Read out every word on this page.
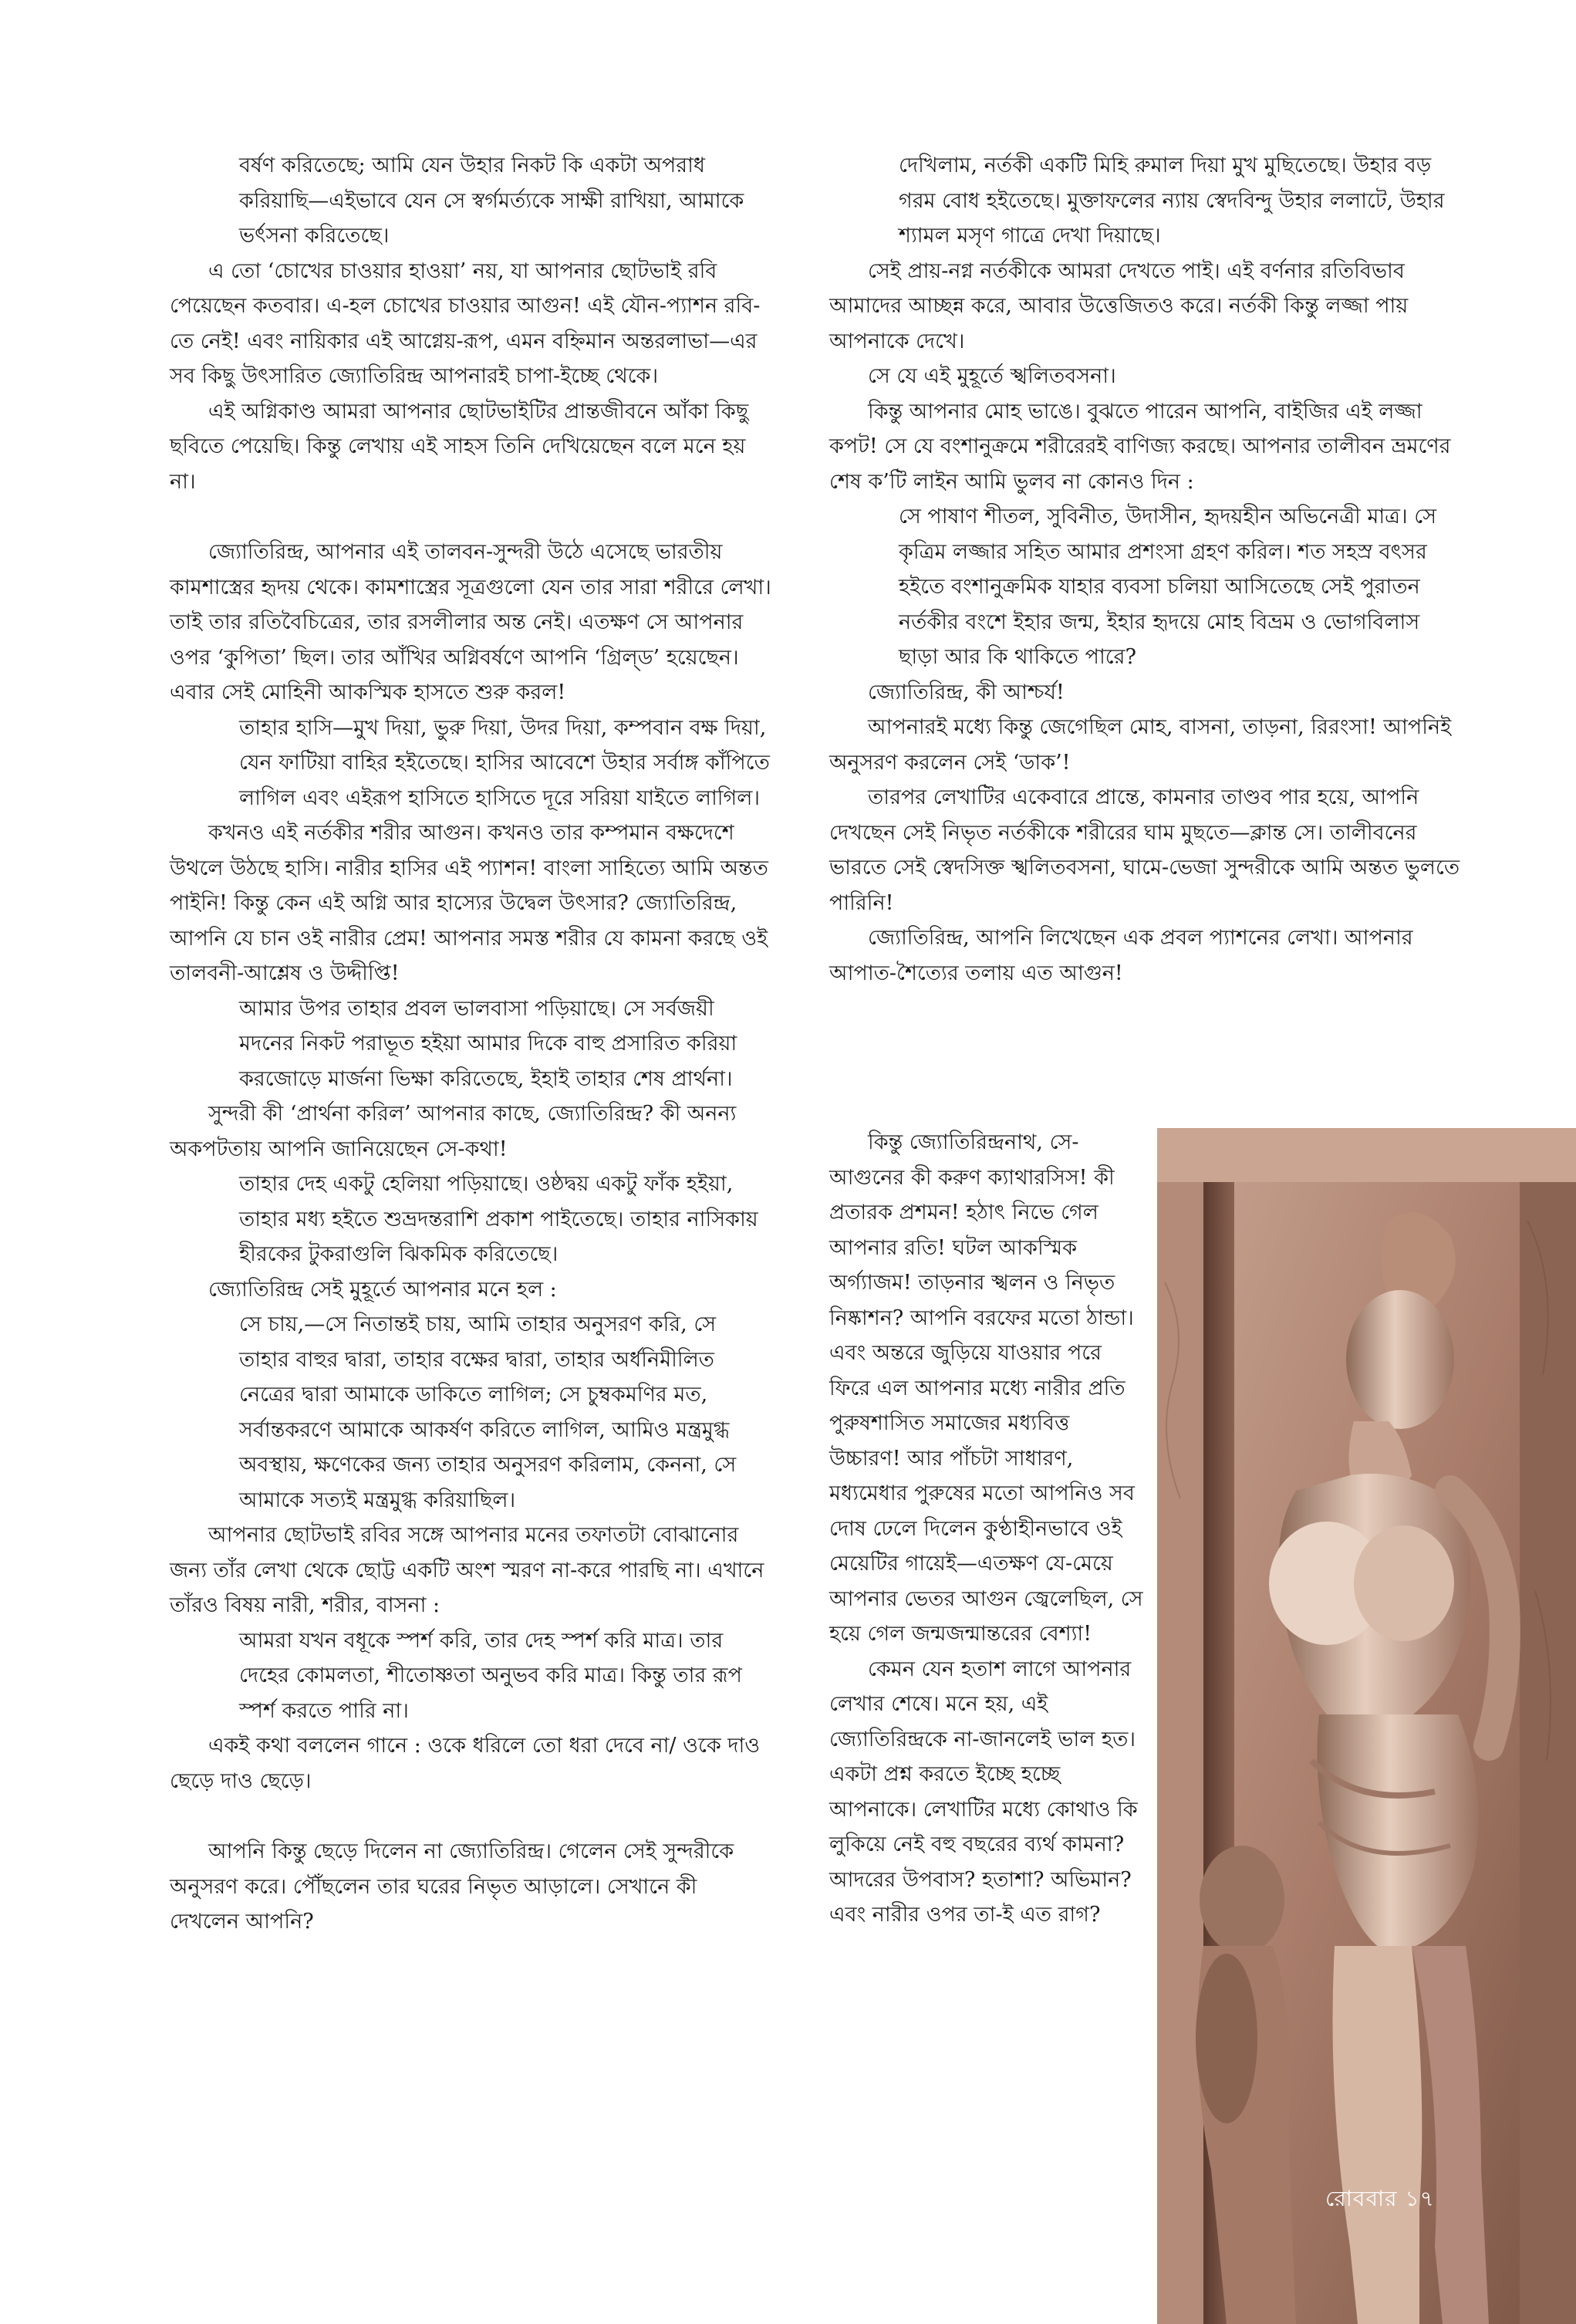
বর্ষণ করিতেছে; আমি যেন উহার নিকট কি একটা অপরাধ করিয়াছি—এইভাবে যেন সে স্বর্গমর্ত্যকে সাক্ষী রাখিয়া, আমাকে ভর্ৎসনা করিতেছে।

এ তো ‘চোখের চাওয়ার হাওয়া’ নয়, যা আপনার ছোটভাই রবি পেয়েছেন কতবার। এ-হল চোখের চাওয়ার আগুন! এই যৌন-প্যাশন রবি-তে নেই! এবং নায়িকার এই আগ্নেয়-রূপ, এমন বহ্নিমান অন্তরলাভা—এর সব কিছু উৎসারিত জ্যোতিরিন্দ্র আপনারই চাপা-ইচ্ছে থেকে।

এই অগ্নিকাণ্ড আমরা আপনার ছোটভাইটির প্রান্তজীবনে আঁকা কিছু ছবিতে পেয়েছি। কিন্তু লেখায় এই সাহস তিনি দেখিয়েছেন বলে মনে হয় না।

জ্যোতিরিন্দ্র, আপনার এই তালবন-সুন্দরী উঠে এসেছে ভারতীয় কামশাস্ত্রের হৃদয় থেকে। কামশাস্ত্রের সূত্রগুলো যেন তার সারা শরীরে লেখা। তাই তার রতিবৈচিত্রের, তার রসলীলার অন্ত নেই। এতক্ষণ সে আপনার ওপর ‘কুপিতা’ ছিল। তার আঁখির অগ্নিবর্ষণে আপনি ‘গ্রিল্‌ড’ হয়েছেন। এবার সেই মোহিনী আকস্মিক হাসতে শুরু করল!

তাহার হাসি—মুখ দিয়া, ভুরু দিয়া, উদর দিয়া, কম্পবান বক্ষ দিয়া, যেন ফাটিয়া বাহির হইতেছে। হাসির আবেশে উহার সর্বাঙ্গ কাঁপিতে লাগিল এবং এইরূপ হাসিতে হাসিতে দূরে সরিয়া যাইতে লাগিল।

কখনও এই নর্তকীর শরীর আগুন। কখনও তার কম্পমান বক্ষদেশে উথলে উঠছে হাসি। নারীর হাসির এই প্যাশন! বাংলা সাহিত্যে আমি অন্তত পাইনি! কিন্তু কেন এই অগ্নি আর হাস্যের উদ্বেল উৎসার? জ্যোতিরিন্দ্র, আপনি যে চান ওই নারীর প্রেম! আপনার সমস্ত শরীর যে কামনা করছে ওই তালবনী-আশ্লেষ ও উদ্দীপ্তি!

আমার উপর তাহার প্রবল ভালবাসা পড়িয়াছে। সে সর্বজয়ী মদনের নিকট পরাভূত হইয়া আমার দিকে বাহু প্রসারিত করিয়া করজোড়ে মার্জনা ভিক্ষা করিতেছে, ইহাই তাহার শেষ প্রার্থনা।

সুন্দরী কী ‘প্রার্থনা করিল’ আপনার কাছে, জ্যোতিরিন্দ্র? কী অনন্য অকপটতায় আপনি জানিয়েছেন সে-কথা!

তাহার দেহ একটু হেলিয়া পড়িয়াছে। ওষ্ঠদ্বয় একটু ফাঁক হইয়া, তাহার মধ্য হইতে শুভ্রদন্তরাশি প্রকাশ পাইতেছে। তাহার নাসিকায় হীরকের টুকরাগুলি ঝিকমিক করিতেছে।

জ্যোতিরিন্দ্র সেই মুহূর্তে আপনার মনে হল :

সে চায়,—সে নিতান্তই চায়, আমি তাহার অনুসরণ করি, সে তাহার বাহুর দ্বারা, তাহার বক্ষের দ্বারা, তাহার অর্ধনিমীলিত নেত্রের দ্বারা আমাকে ডাকিতে লাগিল; সে চুম্বকমণির মত, সর্বান্তকরণে আমাকে আকর্ষণ করিতে লাগিল, আমিও মন্ত্রমুগ্ধ অবস্থায়, ক্ষণেকের জন্য তাহার অনুসরণ করিলাম, কেননা, সে আমাকে সত্যই মন্ত্রমুগ্ধ করিয়াছিল।

আপনার ছোটভাই রবির সঙ্গে আপনার মনের তফাতটা বোঝানোর জন্য তাঁর লেখা থেকে ছোট্ট একটি অংশ স্মরণ না-করে পারছি না। এখানে তাঁরও বিষয় নারী, শরীর, বাসনা :

আমরা যখন বধূকে স্পর্শ করি, তার দেহ স্পর্শ করি মাত্র। তার দেহের কোমলতা, শীতোষ্ণতা অনুভব করি মাত্র। কিন্তু তার রূপ স্পর্শ করতে পারি না।

একই কথা বললেন গানে : ওকে ধরিলে তো ধরা দেবে না/ ওকে দাও ছেড়ে দাও ছেড়ে।

আপনি কিন্তু ছেড়ে দিলেন না জ্যোতিরিন্দ্র। গেলেন সেই সুন্দরীকে অনুসরণ করে। পৌঁছলেন তার ঘরের নিভৃত আড়ালে। সেখানে কী দেখলেন আপনি?

দেখিলাম, নর্তকী একটি মিহি রুমাল দিয়া মুখ মুছিতেছে। উহার বড় গরম বোধ হইতেছে। মুক্তাফলের ন্যায় স্বেদবিন্দু উহার ললাটে, উহার শ্যামল মসৃণ গাত্রে দেখা দিয়াছে।

সেই প্রায়-নগ্ন নর্তকীকে আমরা দেখতে পাই। এই বর্ণনার রতিবিভাব আমাদের আচ্ছন্ন করে, আবার উত্তেজিতও করে। নর্তকী কিন্তু লজ্জা পায় আপনাকে দেখে।

সে যে এই মুহূর্তে স্খলিতবসনা।

কিন্তু আপনার মোহ ভাঙে। বুঝতে পারেন আপনি, বাইজির এই লজ্জা কপট! সে যে বংশানুক্রমে শরীরেরই বাণিজ্য করছে। আপনার তালীবন ভ্রমণের শেষ ক’টি লাইন আমি ভুলব না কোনও দিন :

সে পাষাণ শীতল, সুবিনীত, উদাসীন, হৃদয়হীন অভিনেত্রী মাত্র। সে কৃত্রিম লজ্জার সহিত আমার প্রশংসা গ্রহণ করিল। শত সহস্র বৎসর হইতে বংশানুক্রমিক যাহার ব্যবসা চলিয়া আসিতেছে সেই পুরাতন নর্তকীর বংশে ইহার জন্ম, ইহার হৃদয়ে মোহ বিভ্রম ও ভোগবিলাস ছাড়া আর কি থাকিতে পারে?

জ্যোতিরিন্দ্র, কী আশ্চর্য!

আপনারই মধ্যে কিন্তু জেগেছিল মোহ, বাসনা, তাড়না, রিরংসা! আপনিই অনুসরণ করলেন সেই ‘ডাক’!

তারপর লেখাটির একেবারে প্রান্তে, কামনার তাণ্ডব পার হয়ে, আপনি দেখছেন সেই নিভৃত নর্তকীকে শরীরের ঘাম মুছতে—ক্লান্ত সে। তালীবনের ভারতে সেই স্বেদসিক্ত স্খলিতবসনা, ঘামে-ভেজা সুন্দরীকে আমি অন্তত ভুলতে পারিনি!

জ্যোতিরিন্দ্র, আপনি লিখেছেন এক প্রবল প্যাশনের লেখা। আপনার আপাত-শৈত্যের তলায় এত আগুন!

কিন্তু জ্যোতিরিন্দ্রনাথ, সে-আগুনের কী করুণ ক্যাথারসিস! কী প্রতারক প্রশমন! হঠাৎ নিভে গেল আপনার রতি! ঘটল আকস্মিক অর্গ্যাজম! তাড়নার স্খলন ও নিভৃত নিষ্কাশন? আপনি বরফের মতো ঠান্ডা। এবং অন্তরে জুড়িয়ে যাওয়ার পরে ফিরে এল আপনার মধ্যে নারীর প্রতি পুরুষশাসিত সমাজের মধ্যবিত্ত উচ্চারণ! আর পাঁচটা সাধারণ, মধ্যমেধার পুরুষের মতো আপনিও সব দোষ ঢেলে দিলেন কুণ্ঠাহীনভাবে ওই মেয়েটির গায়েই—এতক্ষণ যে-মেয়ে আপনার ভেতর আগুন জ্বেলেছিল, সে হয়ে গেল জন্মজন্মান্তরের বেশ্যা!

কেমন যেন হতাশ লাগে আপনার লেখার শেষে। মনে হয়, এই জ্যোতিরিন্দ্রকে না-জানলেই ভাল হত। একটা প্রশ্ন করতে ইচ্ছে হচ্ছে আপনাকে। লেখাটির মধ্যে কোথাও কি লুকিয়ে নেই বহু বছরের ব্যর্থ কামনা? আদরের উপবাস? হতাশা? অভিমান? এবং নারীর ওপর তা-ই এত রাগ?

রোববার ১৭
